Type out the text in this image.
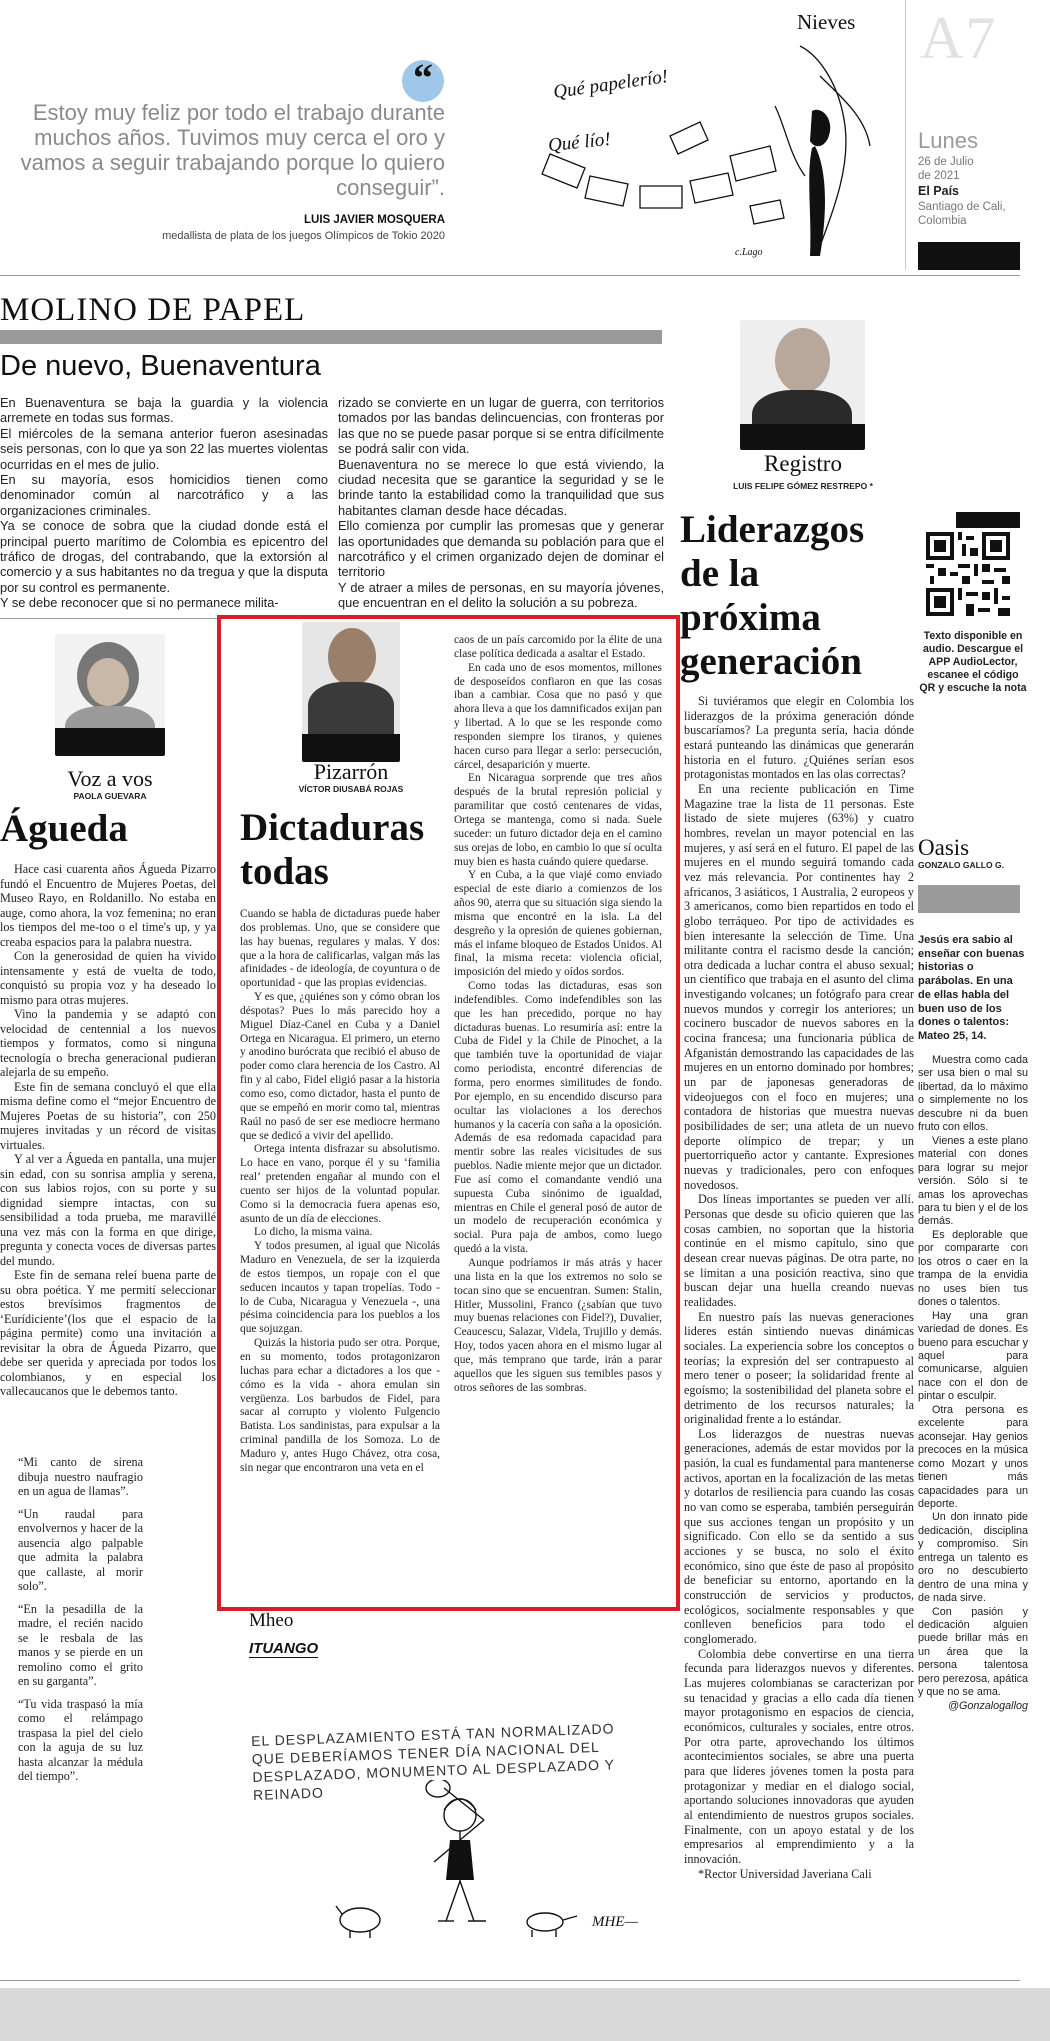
“
Estoy muy feliz por todo el trabajo durante muchos años. Tuvimos muy cerca el oro y vamos a seguir trabajando porque lo quiero conseguir”.
LUIS JAVIER MOSQUERA
medallista de plata de los juegos Olímpicos de Tokio 2020
Nieves
Qué papelerío!
Qué lío!
c.Lago
A7
Lunes
26 de Julio de 2021
El País
Santiago de Cali, Colombia
MOLINO DE PAPEL
De nuevo, Buenaventura

En Buenaventura se baja la guardia y la violencia arremete en todas sus formas.

El miércoles de la semana anterior fueron asesinadas seis personas, con lo que ya son 22 las muertes violentas ocurridas en el mes de julio.

En su mayoría, esos homicidios tienen como denominador común al narcotráfico y a las organizaciones criminales.

Ya se conoce de sobra que la ciudad donde está el principal puerto marítimo de Colombia es epicentro del tráfico de drogas, del contrabando, que la extorsión al comercio y a sus habitantes no da tregua y que la disputa por su control es permanente.

Y se debe reconocer que si no permanece milita-

rizado se convierte en un lugar de guerra, con territorios tomados por las bandas delincuencias, con fronteras por las que no se puede pasar porque si se entra difícilmente se podrá salir con vida.

Buenaventura no se merece lo que está viviendo, la ciudad necesita que se garantice la seguridad y se le brinde tanto la estabilidad como la tranquilidad que sus habitantes claman desde hace décadas.

Ello comienza por cumplir las promesas que y generar las oportunidades que demanda su población para que el narcotráfico y el crimen organizado dejen de dominar el territorio

Y de atraer a miles de personas, en su mayoría jóvenes, que encuentran en el delito la solución a su pobreza.

Registro
LUIS FELIPE GÓMEZ RESTREPO *
Liderazgos de la próxima generación

Si tuviéramos que elegir en Colombia los liderazgos de la próxima generación dónde buscaríamos? La pregunta sería, hacia dónde estará punteando las dinámicas que generarán historia en el futuro. ¿Quiénes serían esos protagonistas montados en las olas correctas?

En una reciente publicación en Time Magazine trae la lista de 11 personas. Este listado de siete mujeres (63%) y cuatro hombres, revelan un mayor potencial en las mujeres, y así será en el futuro. El papel de las mujeres en el mundo seguirá tomando cada vez más relevancia. Por continentes hay 2 africanos, 3 asiáticos, 1 Australia, 2 europeos y 3 americanos, como bien repartidos en todo el globo terráqueo. Por tipo de actividades es bien interesante la selección de Time. Una militante contra el racismo desde la canción; otra dedicada a luchar contra el abuso sexual; un científico que trabaja en el asunto del clima investigando volcanes; un fotógrafo para crear nuevos mundos y corregir los anteriores; un cocinero buscador de nuevos sabores en la cocina francesa; una funcionaria pública de Afganistán demostrando las capacidades de las mujeres en un entorno dominado por hombres; un par de japonesas generadoras de videojuegos con el foco en mujeres; una contadora de historias que muestra nuevas posibilidades de ser; una atleta de un nuevo deporte olímpico de trepar; y un puertorriqueño actor y cantante. Expresiones nuevas y tradicionales, pero con enfoques novedosos.

Dos líneas importantes se pueden ver allí. Personas que desde su oficio quieren que las cosas cambien, no soportan que la historia continúe en el mismo capítulo, sino que desean crear nuevas páginas. De otra parte, no se limitan a una posición reactiva, sino que buscan dejar una huella creando nuevas realidades.

En nuestro país las nuevas generaciones lideres están sintiendo nuevas dinámicas sociales. La experiencia sobre los conceptos o teorías; la expresión del ser contrapuesto al mero tener o poseer; la solidaridad frente al egoísmo; la sostenibilidad del planeta sobre el detrimento de los recursos naturales; la originalidad frente a lo estándar.

Los liderazgos de nuestras nuevas generaciones, además de estar movidos por la pasión, la cual es fundamental para mantenerse activos, aportan en la focalización de las metas y dotarlos de resiliencia para cuando las cosas no van como se esperaba, también perseguirán que sus acciones tengan un propósito y un significado. Con ello se da sentido a sus acciones y se busca, no solo el éxito económico, sino que éste de paso al propósito de beneficiar su entorno, aportando en la construcción de servicios y productos, ecológicos, socialmente responsables y que conlleven beneficios para todo el conglomerado.

Colombia debe convertirse en una tierra fecunda para liderazgos nuevos y diferentes. Las mujeres colombianas se caracterizan por su tenacidad y gracias a ello cada día tienen mayor protagonismo en espacios de ciencia, económicos, culturales y sociales, entre otros. Por otra parte, aprovechando los últimos acontecimientos sociales, se abre una puerta para que líderes jóvenes tomen la posta para protagonizar y mediar en el dialogo social, aportando soluciones innovadoras que ayuden al entendimiento de nuestros grupos sociales. Finalmente, con un apoyo estatal y de los empresarios al emprendimiento y a la innovación.

*Rector Universidad Javeriana Cali

Texto disponible en audio. Descargue el APP AudioLector, escanee el código QR y escuche la nota
Oasis
GONZALO GALLO G.
Jesús era sabio al enseñar con buenas historias o parábolas. En una de ellas habla del buen uso de los dones o talentos: Mateo 25, 14.

Muestra como cada ser usa bien o mal su libertad, da lo máximo o simplemente no los descubre ni da buen fruto con ellos.

Vienes a este plano material con dones para lograr su mejor versión. Sólo si te amas los aprovechas para tu bien y el de los demás.

Es deplorable que por compararte con los otros o caer en la trampa de la envidia no uses bien tus dones o talentos.

Hay una gran variedad de dones. Es bueno para escuchar y aquel para comunicarse, alguien nace con el don de pintar o esculpir.

Otra persona es excelente para aconsejar. Hay genios precoces en la música como Mozart y unos tienen más capacidades para un deporte.

Un don innato pide dedicación, disciplina y compromiso. Sin entrega un talento es oro no descubierto dentro de una mina y de nada sirve.

Con pasión y dedicación alguien puede brillar más en un área que la persona talentosa pero perezosa, apática y que no se ama.

@Gonzalogallog

Voz a vos
PAOLA GUEVARA
Águeda

Hace casi cuarenta años Águeda Pizarro fundó el Encuentro de Mujeres Poetas, del Museo Rayo, en Roldanillo. No estaba en auge, como ahora, la voz femenina; no eran los tiempos del me-too o el time's up, y ya creaba espacios para la palabra nuestra.

Con la generosidad de quien ha vivido intensamente y está de vuelta de todo, conquistó su propia voz y ha deseado lo mismo para otras mujeres.

Vino la pandemia y se adaptó con velocidad de centennial a los nuevos tiempos y formatos, como si ninguna tecnología o brecha generacional pudieran alejarla de su empeño.

Este fin de semana concluyó el que ella misma define como el “mejor Encuentro de Mujeres Poetas de su historia”, con 250 mujeres invitadas y un récord de visitas virtuales.

Y al ver a Águeda en pantalla, una mujer sin edad, con su sonrisa amplia y serena, con sus labios rojos, con su porte y su dignidad siempre intactas, con su sensibilidad a toda prueba, me maravillé una vez más con la forma en que dirige, pregunta y conecta voces de diversas partes del mundo.

Este fin de semana releí buena parte de su obra poética. Y me permití seleccionar estos brevísimos fragmentos de ‘Eurídiciente’(los que el espacio de la página permite) como una invitación a revisitar la obra de Águeda Pizarro, que debe ser querida y apreciada por todos los colombianos, y en especial los vallecaucanos que le debemos tanto.

“Mi canto de sirena dibuja nuestro naufragio en un agua de llamas”.

“Un raudal para envolvernos y hacer de la ausencia algo palpable que admita la palabra que callaste, al morir solo”.

“En la pesadilla de la madre, el recién nacido se le resbala de las manos y se pierde en un remolino como el grito en su garganta”.

“Tu vida traspasó la mía como el relámpago traspasa la piel del cielo con la aguja de su luz hasta alcanzar la médula del tiempo”.

Pizarrón
VÍCTOR DIUSABÁ ROJAS
Dictaduras todas

Cuando se habla de dictaduras puede haber dos problemas. Uno, que se considere que las hay buenas, regulares y malas. Y dos: que a la hora de calificarlas, valgan más las afinidades - de ideología, de coyuntura o de oportunidad - que las propias evidencias.

Y es que, ¿quiénes son y cómo obran los déspotas? Pues lo más parecido hoy a Miguel Díaz-Canel en Cuba y a Daniel Ortega en Nicaragua. El primero, un eterno y anodino burócrata que recibió el abuso de poder como clara herencia de los Castro. Al fin y al cabo, Fidel eligió pasar a la historia como eso, como dictador, hasta el punto de que se empeñó en morir como tal, mientras Raúl no pasó de ser ese mediocre hermano que se dedicó a vivir del apellido.

Ortega intenta disfrazar su absolutismo. Lo hace en vano, porque él y su ‘familia real’ pretenden engañar al mundo con el cuento ser hijos de la voluntad popular. Como si la democracia fuera apenas eso, asunto de un día de elecciones.

Lo dicho, la misma vaina.

Y todos presumen, al igual que Nicolás Maduro en Venezuela, de ser la izquierda de estos tiempos, un ropaje con el que seducen incautos y tapan tropelías. Todo - lo de Cuba, Nicaragua y Venezuela -, una pésima coincidencia para los pueblos a los que sojuzgan.

Quizás la historia pudo ser otra. Porque, en su momento, todos protagonizaron luchas para echar a dictadores a los que - cómo es la vida - ahora emulan sin vergüenza. Los barbudos de Fidel, para sacar al corrupto y violento Fulgencio Batista. Los sandinistas, para expulsar a la criminal pandilla de los Somoza. Lo de Maduro y, antes Hugo Chávez, otra cosa, sin negar que encontraron una veta en el

caos de un país carcomido por la élite de una clase política dedicada a asaltar el Estado.

En cada uno de esos momentos, millones de desposeídos confiaron en que las cosas iban a cambiar. Cosa que no pasó y que ahora lleva a que los damnificados exijan pan y libertad. A lo que se les responde como responden siempre los tiranos, y quienes hacen curso para llegar a serlo: persecución, cárcel, desaparición y muerte.

En Nicaragua sorprende que tres años después de la brutal represión policial y paramilitar que costó centenares de vidas, Ortega se mantenga, como si nada. Suele suceder: un futuro dictador deja en el camino sus orejas de lobo, en cambio lo que sí oculta muy bien es hasta cuándo quiere quedarse.

Y en Cuba, a la que viajé como enviado especial de este diario a comienzos de los años 90, aterra que su situación siga siendo la misma que encontré en la isla. La del desgreño y la opresión de quienes gobiernan, más el infame bloqueo de Estados Unidos. Al final, la misma receta: violencia oficial, imposición del miedo y oídos sordos.

Como todas las dictaduras, esas son indefendibles. Como indefendibles son las que les han precedido, porque no hay dictaduras buenas. Lo resumiría así: entre la Cuba de Fidel y la Chile de Pinochet, a la que también tuve la oportunidad de viajar como periodista, encontré diferencias de forma, pero enormes similitudes de fondo. Por ejemplo, en su encendido discurso para ocultar las violaciones a los derechos humanos y la cacería con saña a la oposición. Además de esa redomada capacidad para mentir sobre las reales vicisitudes de sus pueblos. Nadie miente mejor que un dictador. Fue así como el comandante vendió una supuesta Cuba sinónimo de igualdad, mientras en Chile el general posó de autor de un modelo de recuperación económica y social. Pura paja de ambos, como luego quedó a la vista.

Aunque podríamos ir más atrás y hacer una lista en la que los extremos no solo se tocan sino que se encuentran. Sumen: Stalin, Hitler, Mussolini, Franco (¿sabían que tuvo muy buenas relaciones con Fidel?), Duvalier, Ceaucescu, Salazar, Videla, Trujillo y demás. Hoy, todos yacen ahora en el mismo lugar al que, más temprano que tarde, irán a parar aquellos que les siguen sus temibles pasos y otros señores de las sombras.

Mheo
ITUANGO
EL DESPLAZAMIENTO ESTÁ TAN NORMALIZADO QUE DEBERÍAMOS TENER DÍA NACIONAL DEL DESPLAZADO, MONUMENTO AL DESPLAZADO Y REINADO
MHE—
